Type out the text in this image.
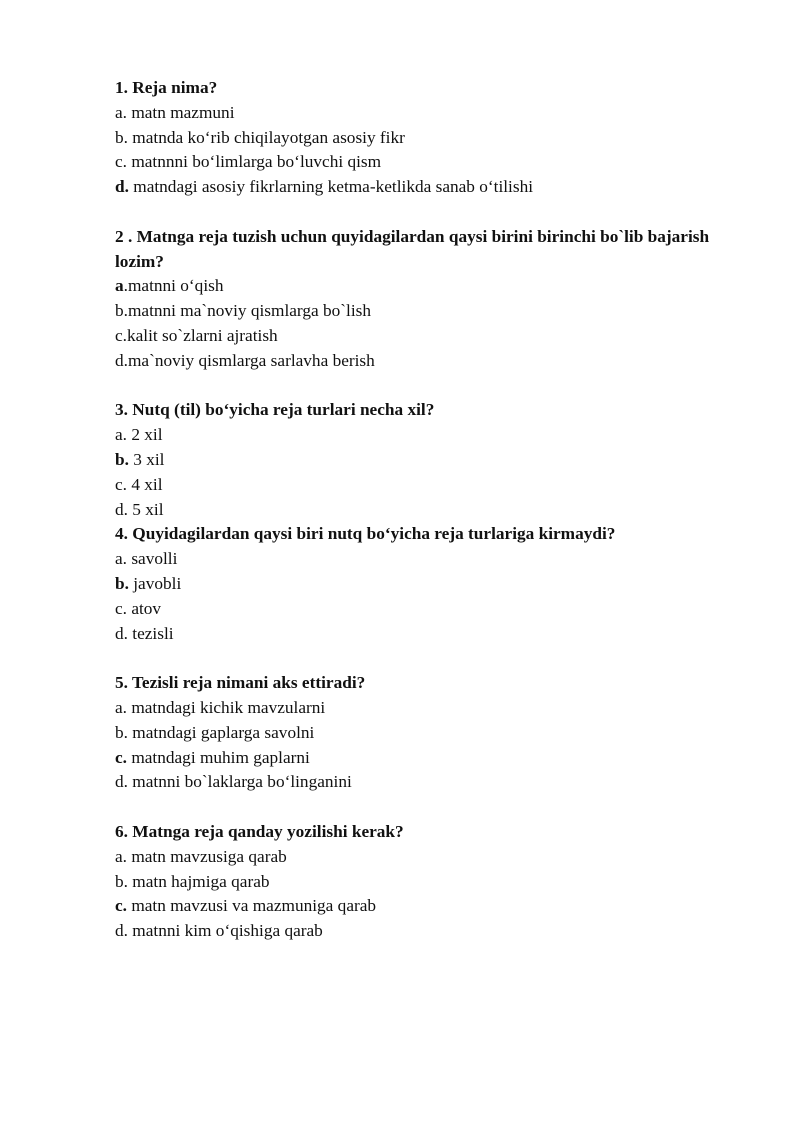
1. Reja nima?
a. matn mazmuni
b. matnda ko‘rib chiqilayotgan asosiy fikr
c. matnnni bo‘limlarga bo‘luvchi qism
d. matndagi asosiy fikrlarning ketma-ketlikda sanab o‘tilishi
2 . Matnga reja tuzish uchun quyidagilardan qaysi birini birinchi bo`lib bajarish lozim?
a.matnni o‘qish
b.matnni ma`noviy qismlarga bo`lish
c.kalit so`zlarni ajratish
d.ma`noviy qismlarga sarlavha berish
3. Nutq (til) bo‘yicha reja turlari necha xil?
a. 2 xil
b. 3 xil
c. 4 xil
d. 5 xil
4. Quyidagilardan qaysi biri nutq bo‘yicha reja turlariga kirmaydi?
a. savolli
b. javobli
c. atov
d. tezisli
5. Tezisli reja nimani aks ettiradi?
a. matndagi kichik mavzularni
b. matndagi gaplarga savolni
c. matndagi muhim gaplarni
d. matnni bo`laklarga bo‘linganini
6. Matnga reja qanday yozilishi kerak?
a. matn mavzusiga qarab
b. matn hajmiga qarab
c. matn mavzusi va mazmuniga qarab
d. matnni kim o‘qishiga qarab
